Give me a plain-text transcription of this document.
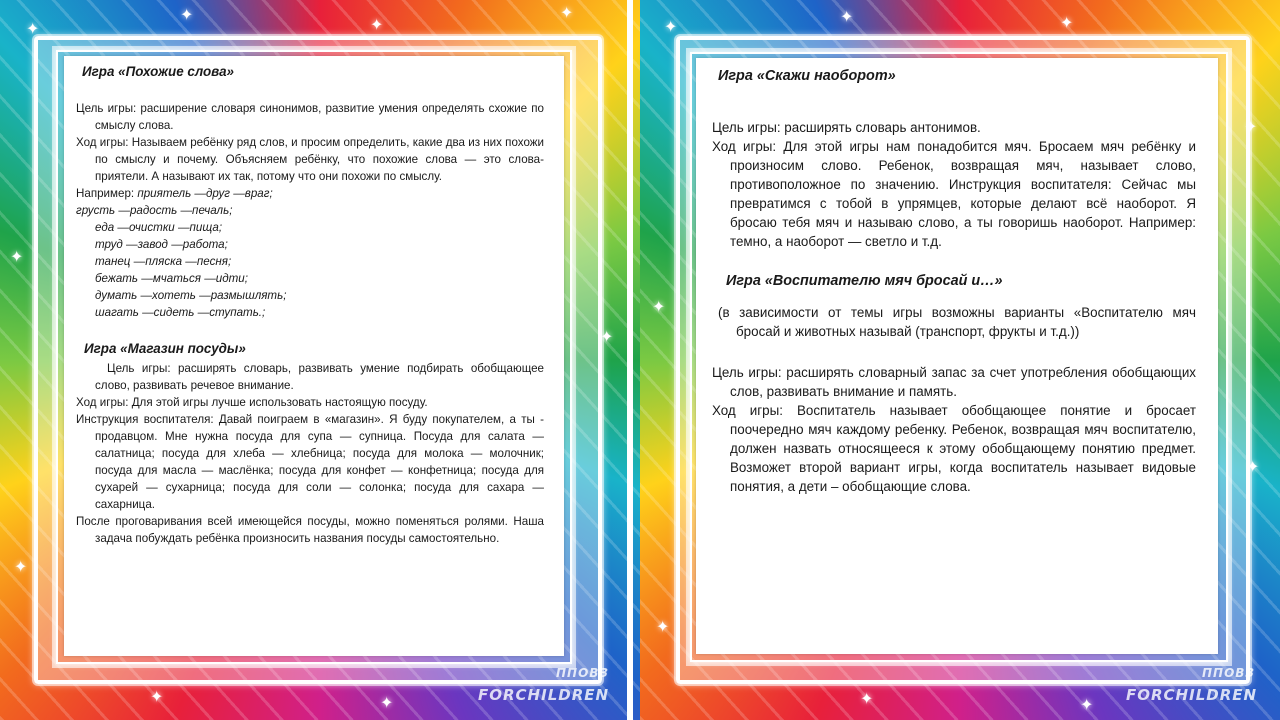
Игра «Похожие слова»

Цель игры: расширение словаря синонимов, развитие умения определять схожие по смыслу слова.

Ход игры: Называем ребёнку ряд слов, и просим определить, какие два из них похожи по смыслу и почему. Объясняем ребёнку, что похожие слова — это слова-приятели. А называют их так, потому что они похожи по смыслу.

Например: приятель —друг —враг;

грусть —радость —печаль;

еда —очистки —пища;

труд —завод —работа;

танец —пляска —песня;

бежать —мчаться —идти;

думать —хотеть —размышлять;

шагать —сидеть —ступать.;

Игра «Магазин посуды»

Цель игры: расширять словарь, развивать умение подбирать обобщающее слово, развивать речевое внимание.

Ход игры: Для этой игры лучше использовать настоящую посуду.

Инструкция воспитателя: Давай поиграем в «магазин». Я буду покупателем, а ты - продавцом. Мне нужна посуда для супа — супница. Посуда для салата — салатница; посуда для хлеба — хлебница; посуда для молока — молочник; посуда для масла — маслёнка; посуда для конфет — конфетница; посуда для сухарей — сухарница; посуда для соли — солонка; посуда для сахара — сахарница.

После проговаривания всей имеющейся посуды, можно поменяться ролями. Наша задача побуждать ребёнка произносить названия посуды самостоятельно.

✦
✦
✦
✦
✦
✦
✦
✦	✦	FORCHILDREN
ППОВЗ

Игра «Скажи наоборот»

Цель игры: расширять словарь антонимов.

Ход игры: Для этой игры нам понадобится мяч. Бросаем мяч ребёнку и произносим слово. Ребенок, возвращая мяч, называет слово, противоположное по значению. Инструкция воспитателя: Сейчас мы превратимся с тобой в упрямцев, которые делают всё наоборот. Я бросаю тебя мяч и называю слово, а ты говоришь наоборот. Например: темно, а наоборот — светло и т.д.

Игра «Воспитателю мяч бросай и…»

(в зависимости от темы игры возможны варианты «Воспитателю мяч бросай и животных называй (транспорт, фрукты и т.д.))

Цель игры: расширять словарный запас за счет употребления обобщающих слов, развивать внимание и память.

Ход игры: Воспитатель называет обобщающее понятие и бросает поочередно мяч каждому ребенку. Ребенок, возвращая мяч воспитателю, должен назвать относящееся к этому обобщающему понятию предмет. Возможет второй вариант игры, когда воспитатель называет видовые понятия, а дети – обобщающие слова.

✦
✦	✦
✦
✦
✦
✦
✦	✦
FORCHILDREN
ППОВЗ
